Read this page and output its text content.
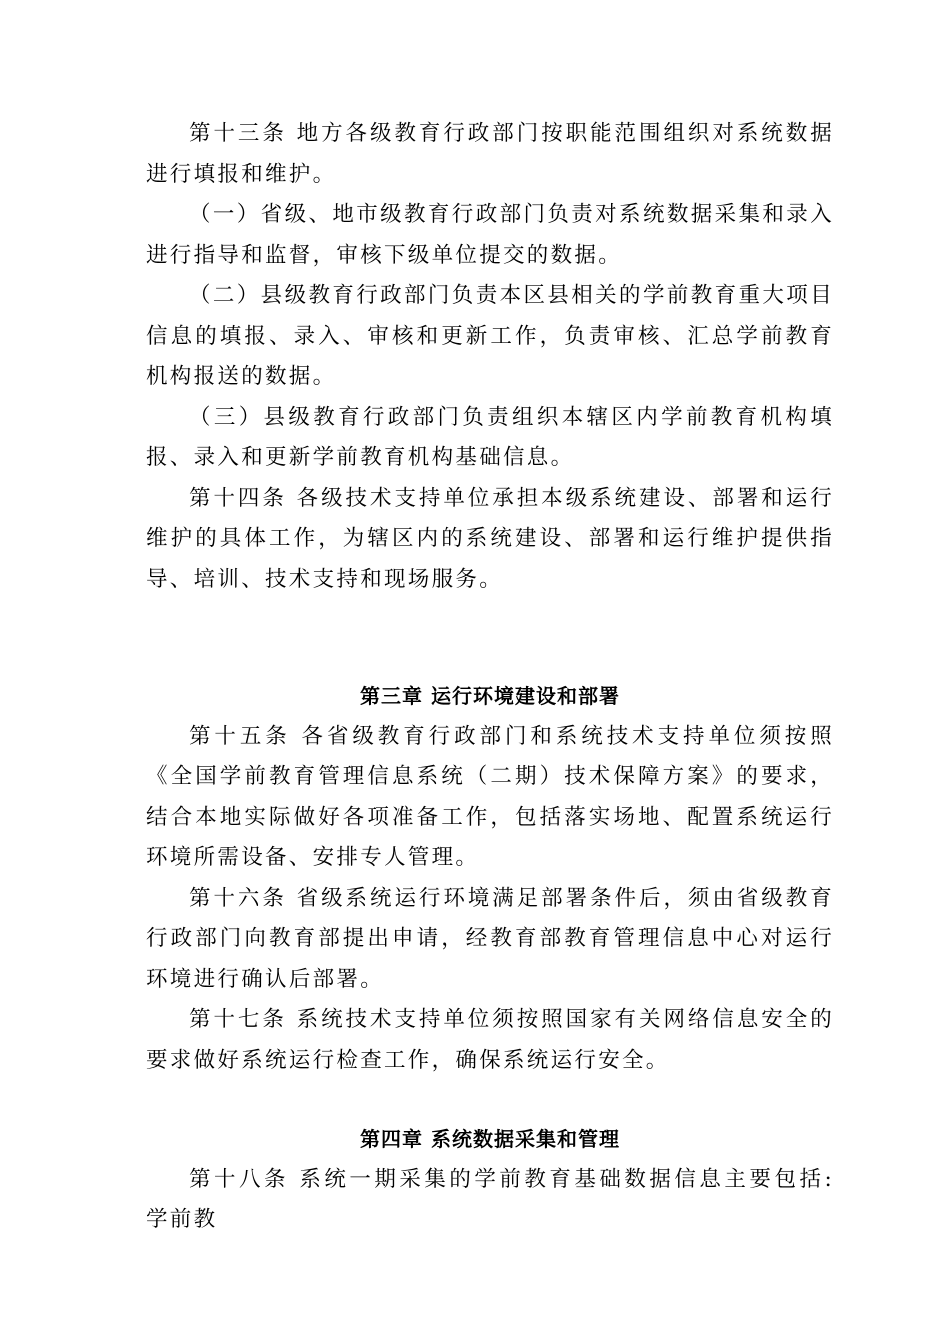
第十三条 地方各级教育行政部门按职能范围组织对系统数据进行填报和维护。

（一）省级、地市级教育行政部门负责对系统数据采集和录入进行指导和监督，审核下级单位提交的数据。

（二）县级教育行政部门负责本区县相关的学前教育重大项目信息的填报、录入、审核和更新工作，负责审核、汇总学前教育机构报送的数据。

（三）县级教育行政部门负责组织本辖区内学前教育机构填报、录入和更新学前教育机构基础信息。

第十四条 各级技术支持单位承担本级系统建设、部署和运行维护的具体工作，为辖区内的系统建设、部署和运行维护提供指导、培训、技术支持和现场服务。

第三章 运行环境建设和部署

第十五条 各省级教育行政部门和系统技术支持单位须按照《全国学前教育管理信息系统（二期）技术保障方案》的要求，结合本地实际做好各项准备工作，包括落实场地、配置系统运行环境所需设备、安排专人管理。

第十六条 省级系统运行环境满足部署条件后，须由省级教育行政部门向教育部提出申请，经教育部教育管理信息中心对运行环境进行确认后部署。

第十七条 系统技术支持单位须按照国家有关网络信息安全的要求做好系统运行检查工作，确保系统运行安全。

第四章 系统数据采集和管理

第十八条 系统一期采集的学前教育基础数据信息主要包括: 学前教
